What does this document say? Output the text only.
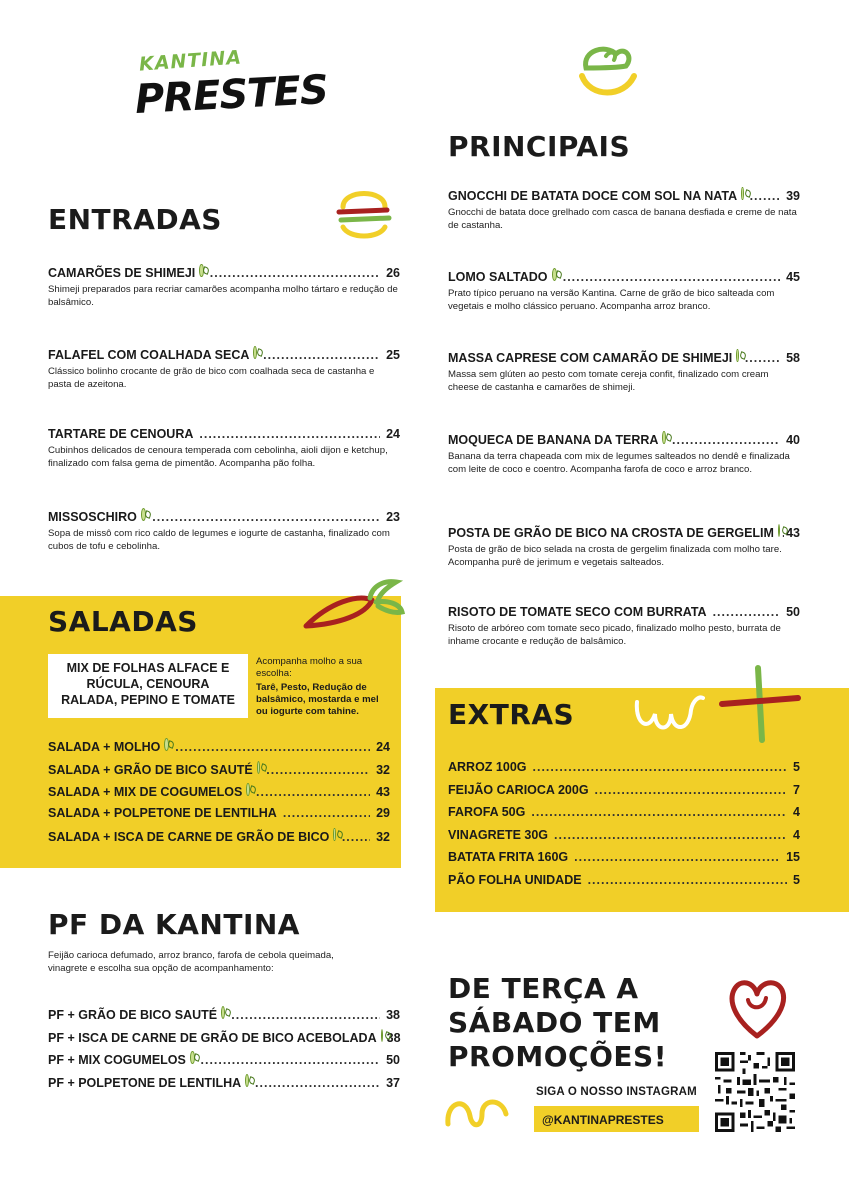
KANTINA
PRESTES
PRINCIPAIS
ENTRADAS
CAMARÕES DE SHIMEJI .....	26
Shimeji preparados para recriar camarões acompanha molho tártaro e redução de balsâmico.
FALAFEL COM COALHADA SECA .....	25
Clássico bolinho crocante de grão de bico com coalhada seca de castanha e pasta de azeitona.
TARTARE DE CENOURA .....	24
Cubinhos delicados de cenoura temperada com cebolinha, aioli dijon e ketchup, finalizado com falsa gema de pimentão. Acompanha pão folha.
MISSOSCHIRO .....	23
Sopa de missô com rico caldo de legumes e iogurte de castanha, finalizado com cubos de tofu e cebolinha.
GNOCCHI DE BATATA DOCE COM SOL NA NATA .....	39
Gnocchi de batata doce grelhado com casca de banana desfiada e creme de nata de castanha.
LOMO SALTADO .....	45
Prato típico peruano na versão Kantina. Carne de grão de bico salteada com vegetais e molho clássico peruano. Acompanha arroz branco.
MASSA CAPRESE COM CAMARÃO DE SHIMEJI .....	58
Massa sem glúten ao pesto com tomate cereja confit, finalizado com cream cheese de castanha e camarões de shimeji.
MOQUECA DE BANANA DA TERRA .....	40
Banana da terra chapeada com mix de legumes salteados no dendê e finalizada com leite de coco e coentro. Acompanha farofa de coco e arroz branco.
POSTA DE GRÃO DE BICO NA CROSTA DE GERGELIM ..... 43
Posta de grão de bico selada na crosta de gergelim finalizada com molho tare. Acompanha purê de jerimum e vegetais salteados.
RISOTO DE TOMATE SECO COM BURRATA .....	50
Risoto de arbóreo com tomate seco picado, finalizado molho pesto, burrata de inhame crocante e redução de balsâmico.
SALADAS
MIX DE FOLHAS ALFACE E RÚCULA, CENOURA RALADA, PEPINO E TOMATE
Acompanha molho a sua escolha:
Tarê, Pesto, Redução de balsâmico, mostarda e mel ou iogurte com tahine.
SALADA + MOLHO .....	24
SALADA + GRÃO DE BICO SAUTÉ .....	32
SALADA + MIX DE COGUMELOS .....	43
SALADA + POLPETONE DE LENTILHA .....	29
SALADA + ISCA DE CARNE DE GRÃO DE BICO .....	32
EXTRAS
ARROZ 100G .....	5
FEIJÃO CARIOCA 200G .....	7
FAROFA 50G .....	4
VINAGRETE 30G .....	4
BATATA FRITA 160G .....	15
PÃO FOLHA UNIDADE .....	5
PF DA KANTINA
Feijão carioca defumado, arroz branco, farofa de cebola queimada, vinagrete e escolha sua opção de acompanhamento:
PF + GRÃO DE BICO SAUTÉ .....	38
PF + ISCA DE CARNE DE GRÃO DE BICO ACEBOLADA 38
PF + MIX COGUMELOS .....	50
PF + POLPETONE DE LENTILHA .....	37
DE TERÇA A
SÁBADO TEM
PROMOÇÕES!
SIGA O NOSSO INSTAGRAM
@KANTINAPRESTES
